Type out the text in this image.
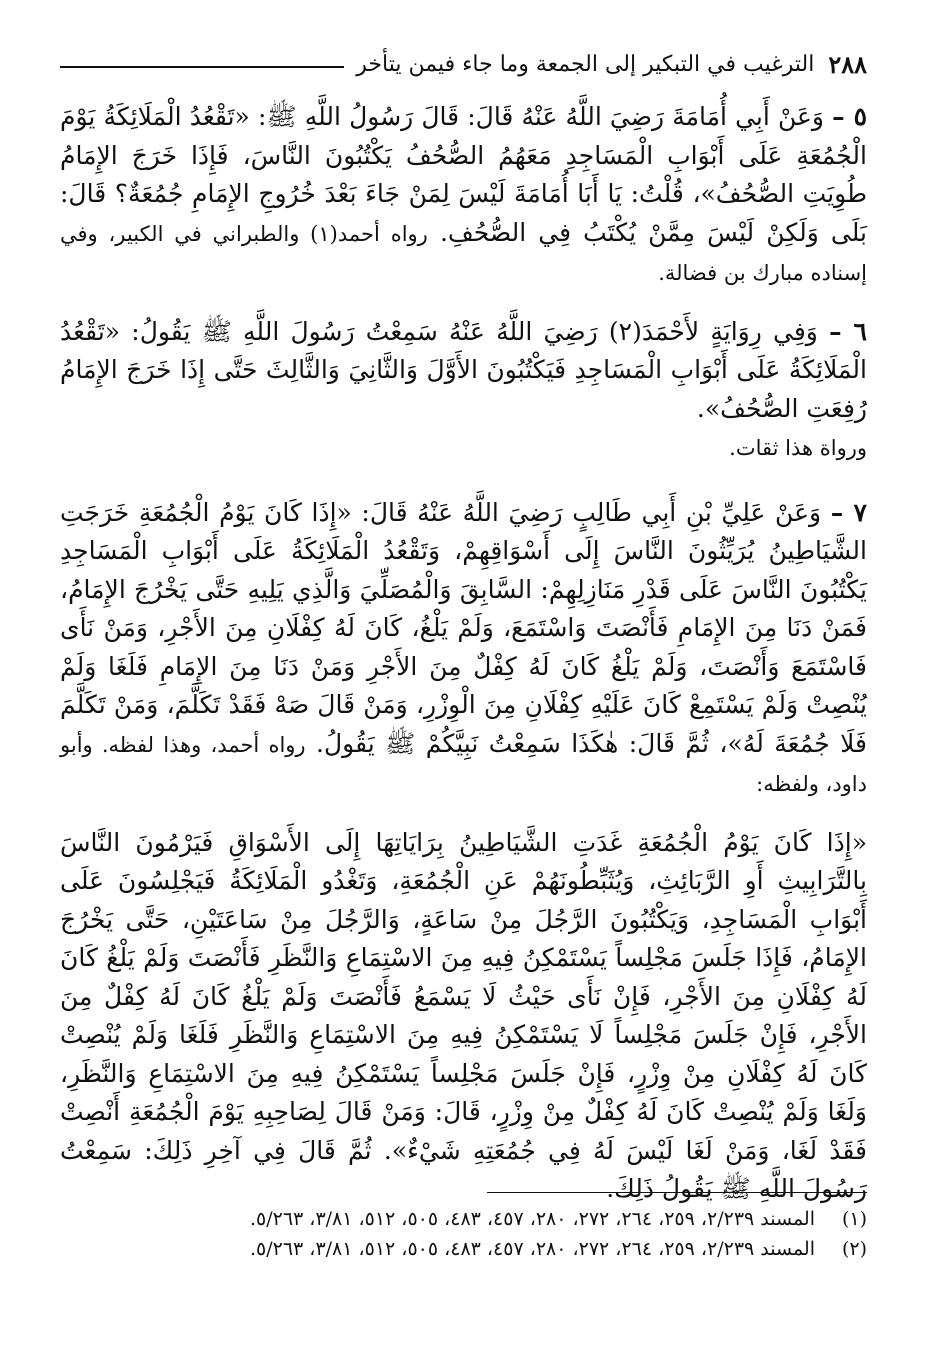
٢٨٨
الترغيب في التبكير إلى الجمعة وما جاء فيمن يتأخر

٥ – وَعَنْ أَبِي أُمَامَةَ رَضِيَ اللَّهُ عَنْهُ قَالَ: قَالَ رَسُولُ اللَّهِ ﷺ: «تَقْعُدُ الْمَلَائِكَةُ يَوْمَ الْجُمُعَةِ عَلَى أَبْوَابِ الْمَسَاجِدِ مَعَهُمُ الصُّحُفُ يَكْتُبُونَ النَّاسَ، فَإِذَا خَرَجَ الإِمَامُ طُوِيَتِ الصُّحُفُ»، قُلْتُ: يَا أَبَا أُمَامَةَ لَيْسَ لِمَنْ جَاءَ بَعْدَ خُرُوجِ الإِمَامِ جُمُعَةٌ؟ قَالَ: بَلَى وَلَكِنْ لَيْسَ مِمَّنْ يُكْتَبُ فِي الصُّحُفِ. رواه أحمد(١) والطبراني في الكبير، وفي إسناده مبارك بن فضالة.

٦ – وَفِي رِوَايَةٍ لأَحْمَدَ(٢) رَضِيَ اللَّهُ عَنْهُ سَمِعْتُ رَسُولَ اللَّهِ ﷺ يَقُولُ: «تَقْعُدُ الْمَلَائِكَةُ عَلَى أَبْوَابِ الْمَسَاجِدِ فَيَكْتُبُونَ الأَوَّلَ وَالثَّانِيَ وَالثَّالِثَ حَتَّى إِذَا خَرَجَ الإِمَامُ رُفِعَتِ الصُّحُفُ».
ورواة هذا ثقات.

٧ – وَعَنْ عَلِيِّ بْنِ أَبِي طَالِبٍ رَضِيَ اللَّهُ عَنْهُ قَالَ: «إِذَا كَانَ يَوْمُ الْجُمُعَةِ خَرَجَتِ الشَّيَاطِينُ يُرَيِّثُونَ النَّاسَ إِلَى أَسْوَاقِهِمْ، وَتَقْعُدُ الْمَلَائِكَةُ عَلَى أَبْوَابِ الْمَسَاجِدِ يَكْتُبُونَ النَّاسَ عَلَى قَدْرِ مَنَازِلِهِمْ: السَّابِقَ وَالْمُصَلِّيَ وَالَّذِي يَلِيهِ حَتَّى يَخْرُجَ الإِمَامُ، فَمَنْ دَنَا مِنَ الإِمَامِ فَأَنْصَتَ وَاسْتَمَعَ، وَلَمْ يَلْغُ، كَانَ لَهُ كِفْلَانِ مِنَ الأَجْرِ، وَمَنْ نَأَى فَاسْتَمَعَ وَأَنْصَتَ، وَلَمْ يَلْغُ كَانَ لَهُ كِفْلٌ مِنَ الأَجْرِ وَمَنْ دَنَا مِنَ الإِمَامِ فَلَغَا وَلَمْ يُنْصِتْ وَلَمْ يَسْتَمِعْ كَانَ عَلَيْهِ كِفْلَانِ مِنَ الْوِزْرِ، وَمَنْ قَالَ صَهْ فَقَدْ تَكَلَّمَ، وَمَنْ تَكَلَّمَ فَلَا جُمُعَةَ لَهُ»، ثُمَّ قَالَ: هٰكَذَا سَمِعْتُ نَبِيَّكُمْ ﷺ يَقُولُ. رواه أحمد، وهذا لفظه. وأبو داود، ولفظه:

«إِذَا كَانَ يَوْمُ الْجُمُعَةِ غَدَتِ الشَّيَاطِينُ بِرَايَاتِهَا إِلَى الأَسْوَاقِ فَيَرْمُونَ النَّاسَ بِالتَّرَابِيثِ أَوِ الرَّبَائِثِ، وَيُثَبِّطُونَهُمْ عَنِ الْجُمُعَةِ، وَتَغْدُو الْمَلَائِكَةُ فَيَجْلِسُونَ عَلَى أَبْوَابِ الْمَسَاجِدِ، وَيَكْتُبُونَ الرَّجُلَ مِنْ سَاعَةٍ، وَالرَّجُلَ مِنْ سَاعَتَيْنِ، حَتَّى يَخْرُجَ الإِمَامُ، فَإِذَا جَلَسَ مَجْلِساً يَسْتَمْكِنُ فِيهِ مِنَ الاسْتِمَاعِ وَالنَّظَرِ فَأَنْصَتَ وَلَمْ يَلْغُ كَانَ لَهُ كِفْلَانِ مِنَ الأَجْرِ، فَإِنْ نَأَى حَيْثُ لَا يَسْمَعُ فَأَنْصَتَ وَلَمْ يَلْغُ كَانَ لَهُ كِفْلٌ مِنَ الأَجْرِ، فَإِنْ جَلَسَ مَجْلِساً لَا يَسْتَمْكِنُ فِيهِ مِنَ الاسْتِمَاعِ وَالنَّظَرِ فَلَغَا وَلَمْ يُنْصِتْ كَانَ لَهُ كِفْلَانِ مِنْ وِزْرٍ، فَإِنْ جَلَسَ مَجْلِساً يَسْتَمْكِنُ فِيهِ مِنَ الاسْتِمَاعِ وَالنَّظَرِ، وَلَغَا وَلَمْ يُنْصِتْ كَانَ لَهُ كِفْلٌ مِنْ وِزْرٍ، قَالَ: وَمَنْ قَالَ لِصَاحِبِهِ يَوْمَ الْجُمُعَةِ أَنْصِتْ فَقَدْ لَغَا، وَمَنْ لَغَا لَيْسَ لَهُ فِي جُمُعَتِهِ شَيْءٌ». ثُمَّ قَالَ فِي آخِرِ ذَلِكَ: سَمِعْتُ رَسُولَ اللَّهِ ﷺ يَقُولُ ذَلِكَ.

(١)
المسند ٢/٢٣٩، ٢٥٩، ٢٦٤، ٢٧٢، ٢٨٠، ٤٥٧، ٤٨٣، ٥٠٥، ٥١٢، ٣/٨١، ٥/٢٦٣.
(٢)
المسند ٢/٢٣٩، ٢٥٩، ٢٦٤، ٢٧٢، ٢٨٠، ٤٥٧، ٤٨٣، ٥٠٥، ٥١٢، ٣/٨١، ٥/٢٦٣.
